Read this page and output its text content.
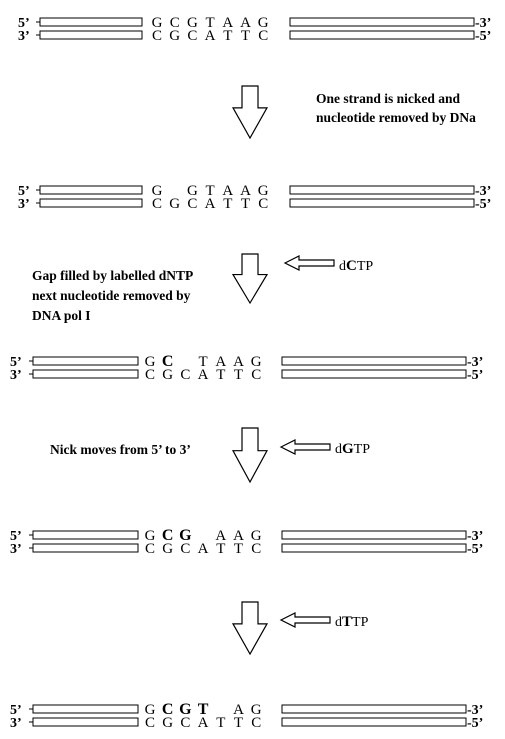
One strand is nicked and
nucleotide removed by DNa
Gap filled by labelled dNTP
next nucleotide removed by
DNA pol I
Nick moves from 5’ to 3’
dCTP
dGTP
dTTP
5’	-3’
G C G T A A G
3’	-5’
C G C A T T C
5’	-3’
G G T A A G
3’	-5’
C G C A T T C
5’	-3’
G C T A A G
3’	-5’
C G C A T T C
5’	-3’
G C G A A G
3’	-5’
C G C A T T C
5’	-3’
G C G T A G
3’	-5’
C G C A T T C
